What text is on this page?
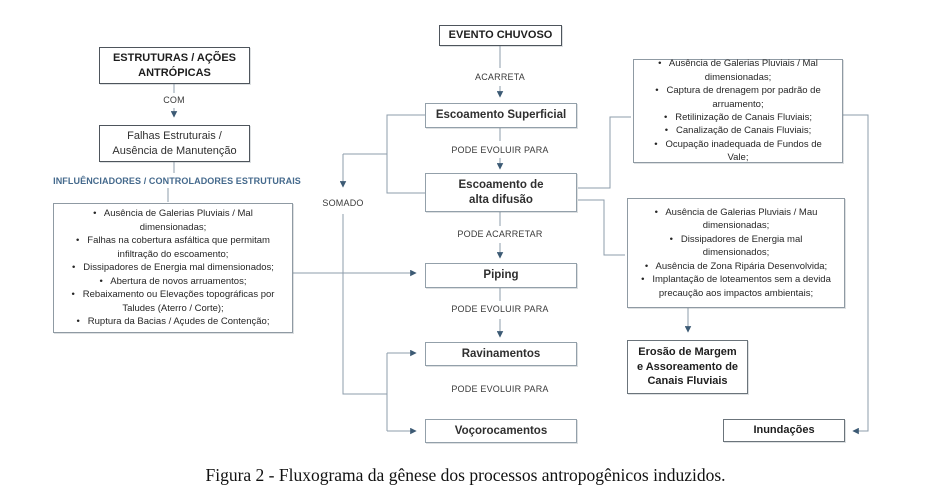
ESTRUTURAS / AÇÕES ANTRÓPICAS
COM
Falhas Estruturais / Ausência de Manutenção
INFLUÊNCIADORES / CONTROLADORES ESTRUTURAIS
• Ausência de Galerias Pluviais / Mal dimensionadas;
• Falhas na cobertura asfáltica que permitam infiltração do escoamento;
• Dissipadores de Energia mal dimensionados;
• Abertura de novos arruamentos;
• Rebaixamento ou Elevações topográficas por Taludes (Aterro / Corte);
• Ruptura da Bacias / Açudes de Contenção;
EVENTO CHUVOSO
ACARRETA
Escoamento Superficial
PODE EVOLUIR PARA
Escoamento de alta difusão
PODE ACARRETAR
Piping
PODE EVOLUIR PARA
Ravinamentos
PODE EVOLUIR PARA
Voçorocamentos
SOMADO
• Ausência de Galerias Pluviais / Mal dimensionadas;
• Captura de drenagem por padrão de arruamento;
• Retilinização de Canais Fluviais;
• Canalização de Canais Fluviais;
• Ocupação inadequada de Fundos de Vale;
• Ausência de Galerias Pluviais / Mau dimensionadas;
• Dissipadores de Energia mal dimensionados;
• Ausência de Zona Ripária Desenvolvida;
• Implantação de loteamentos sem a devida precaução aos impactos ambientais;
Erosão de Margem e Assoreamento de Canais Fluviais
Inundações
Figura 2 - Fluxograma da gênese dos processos antropogênicos induzidos.
